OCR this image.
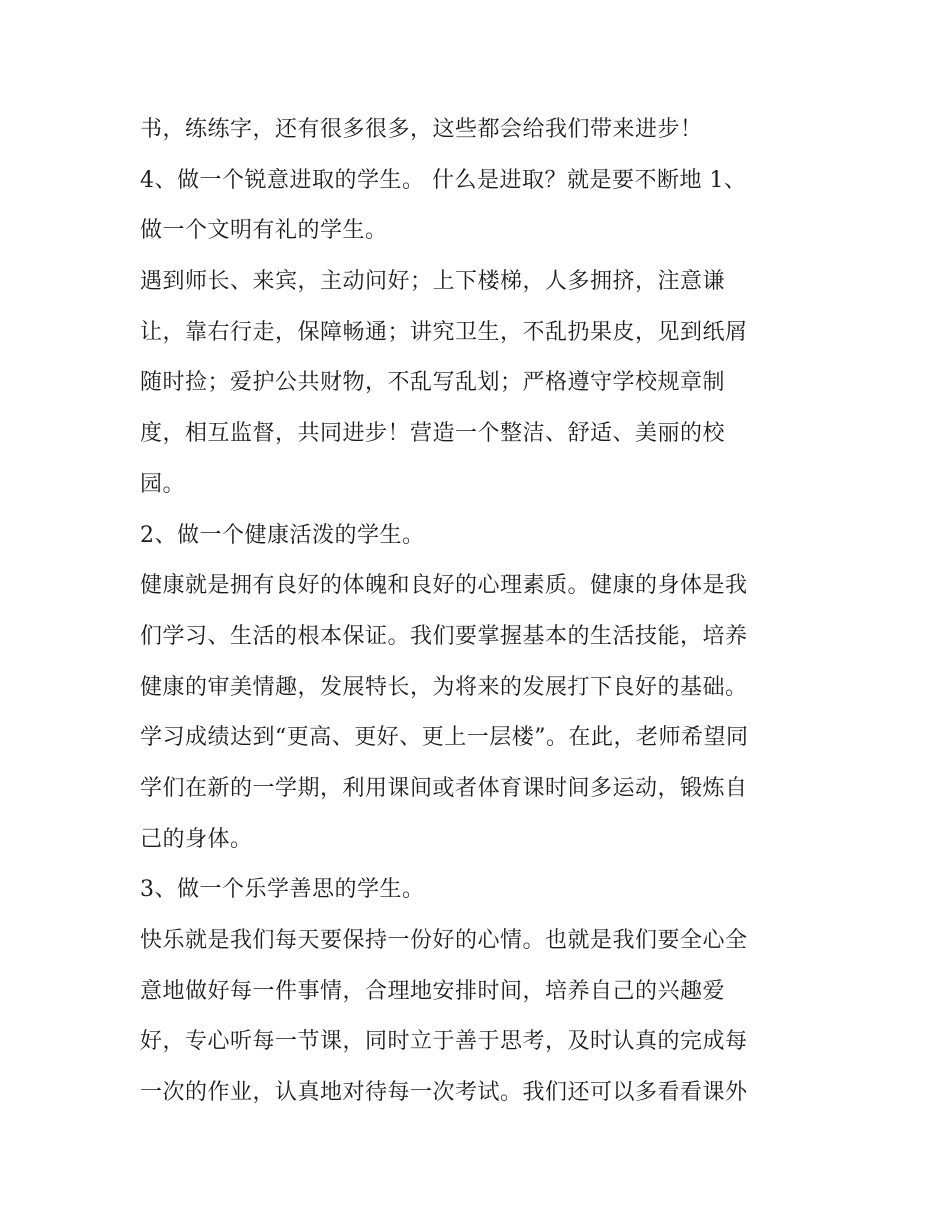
书，练练字，还有很多很多，这些都会给我们带来进步！
4、做一个锐意进取的学生。 什么是进取？就是要不断地 1、
做一个文明有礼的学生。
遇到师长、来宾，主动问好；上下楼梯，人多拥挤，注意谦
让，靠右行走，保障畅通；讲究卫生，不乱扔果皮，见到纸屑
随时捡；爱护公共财物，不乱写乱划；严格遵守学校规章制
度，相互监督，共同进步！营造一个整洁、舒适、美丽的校
园。
2、做一个健康活泼的学生。
健康就是拥有良好的体魄和良好的心理素质。健康的身体是我
们学习、生活的根本保证。我们要掌握基本的生活技能，培养
健康的审美情趣，发展特长，为将来的发展打下良好的基础。
学习成绩达到“更高、更好、更上一层楼”。在此，老师希望同
学们在新的一学期，利用课间或者体育课时间多运动，锻炼自
己的身体。
3、做一个乐学善思的学生。
快乐就是我们每天要保持一份好的心情。也就是我们要全心全
意地做好每一件事情，合理地安排时间，培养自己的兴趣爱
好，专心听每一节课，同时立于善于思考，及时认真的完成每
一次的作业，认真地对待每一次考试。我们还可以多看看课外
